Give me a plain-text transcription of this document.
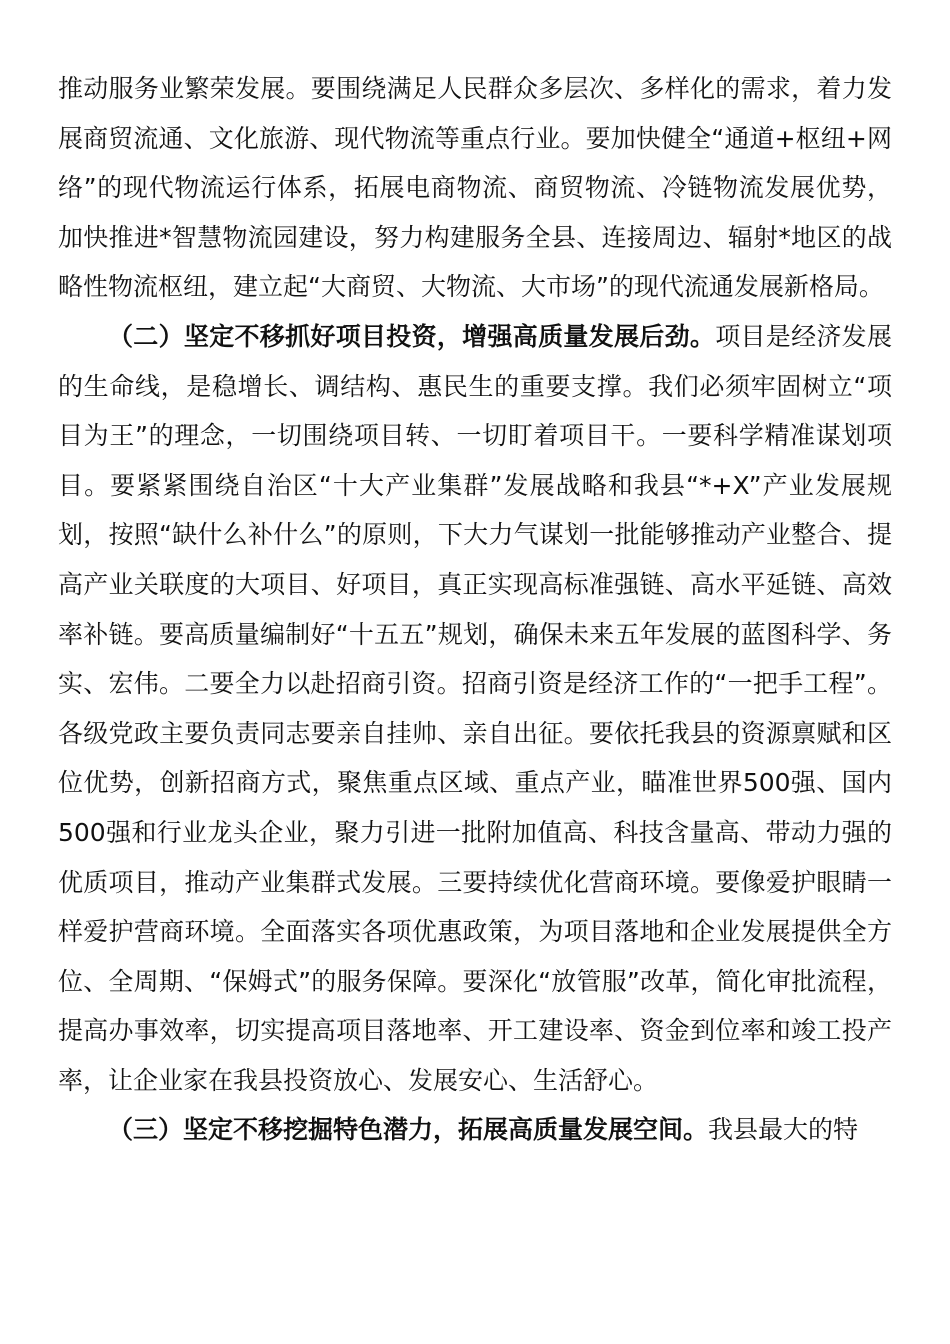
推动服务业繁荣发展。要围绕满足人民群众多层次、多样化的需求，着力发展商贸流通、文化旅游、现代物流等重点行业。要加快健全“通道+枢纽+网络”的现代物流运行体系，拓展电商物流、商贸物流、冷链物流发展优势，加快推进*智慧物流园建设，努力构建服务全县、连接周边、辐射*地区的战略性物流枢纽，建立起“大商贸、大物流、大市场”的现代流通发展新格局。

（二）坚定不移抓好项目投资，增强高质量发展后劲。项目是经济发展的生命线，是稳增长、调结构、惠民生的重要支撑。我们必须牢固树立“项目为王”的理念，一切围绕项目转、一切盯着项目干。一要科学精准谋划项目。要紧紧围绕自治区“十大产业集群”发展战略和我县“*+X”产业发展规划，按照“缺什么补什么”的原则，下大力气谋划一批能够推动产业整合、提高产业关联度的大项目、好项目，真正实现高标准强链、高水平延链、高效率补链。要高质量编制好“十五五”规划，确保未来五年发展的蓝图科学、务实、宏伟。二要全力以赴招商引资。招商引资是经济工作的“一把手工程”。各级党政主要负责同志要亲自挂帅、亲自出征。要依托我县的资源禀赋和区位优势，创新招商方式，聚焦重点区域、重点产业，瞄准世界500强、国内500强和行业龙头企业，聚力引进一批附加值高、科技含量高、带动力强的优质项目，推动产业集群式发展。三要持续优化营商环境。要像爱护眼睛一样爱护营商环境。全面落实各项优惠政策，为项目落地和企业发展提供全方位、全周期、“保姆式”的服务保障。要深化“放管服”改革，简化审批流程，提高办事效率，切实提高项目落地率、开工建设率、资金到位率和竣工投产率，让企业家在我县投资放心、发展安心、生活舒心。

（三）坚定不移挖掘特色潜力，拓展高质量发展空间。我县最大的特
